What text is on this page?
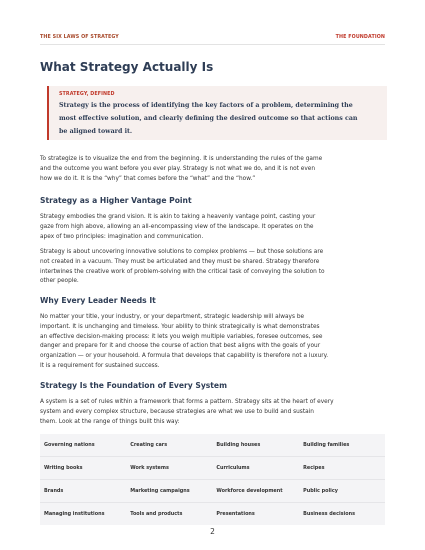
THE SIX LAWS OF STRATEGY	THE FOUNDATION
What Strategy Actually Is
STRATEGY, DEFINED
Strategy is the process of identifying the key factors of a problem, determining the
most effective solution, and clearly defining the desired outcome so that actions can
be aligned toward it.
To strategize is to visualize the end from the beginning. It is understanding the rules of the game
and the outcome you want before you ever play. Strategy is not what we do, and it is not even
how we do it. It is the “why” that comes before the “what” and the “how.”
Strategy as a Higher Vantage Point
Strategy embodies the grand vision. It is akin to taking a heavenly vantage point, casting your
gaze from high above, allowing an all-encompassing view of the landscape. It operates on the
apex of two principles: imagination and communication.
Strategy is about uncovering innovative solutions to complex problems — but those solutions are
not created in a vacuum. They must be articulated and they must be shared. Strategy therefore
intertwines the creative work of problem-solving with the critical task of conveying the solution to
other people.
Why Every Leader Needs It
No matter your title, your industry, or your department, strategic leadership will always be
important. It is unchanging and timeless. Your ability to think strategically is what demonstrates
an effective decision-making process: it lets you weigh multiple variables, foresee outcomes, see
danger and prepare for it and choose the course of action that best aligns with the goals of your
organization — or your household. A formula that develops that capability is therefore not a luxury.
It is a requirement for sustained success.
Strategy Is the Foundation of Every System
A system is a set of rules within a framework that forms a pattern. Strategy sits at the heart of every
system and every complex structure, because strategies are what we use to build and sustain
them. Look at the range of things built this way:
Governing nations	Creating cars	Building houses	Building families
Writing books	Work systems	Curriculums	Recipes
Brands	Marketing campaigns	Workforce development	Public policy
Managing institutions	Tools and products	Presentations	Business decisions
2
